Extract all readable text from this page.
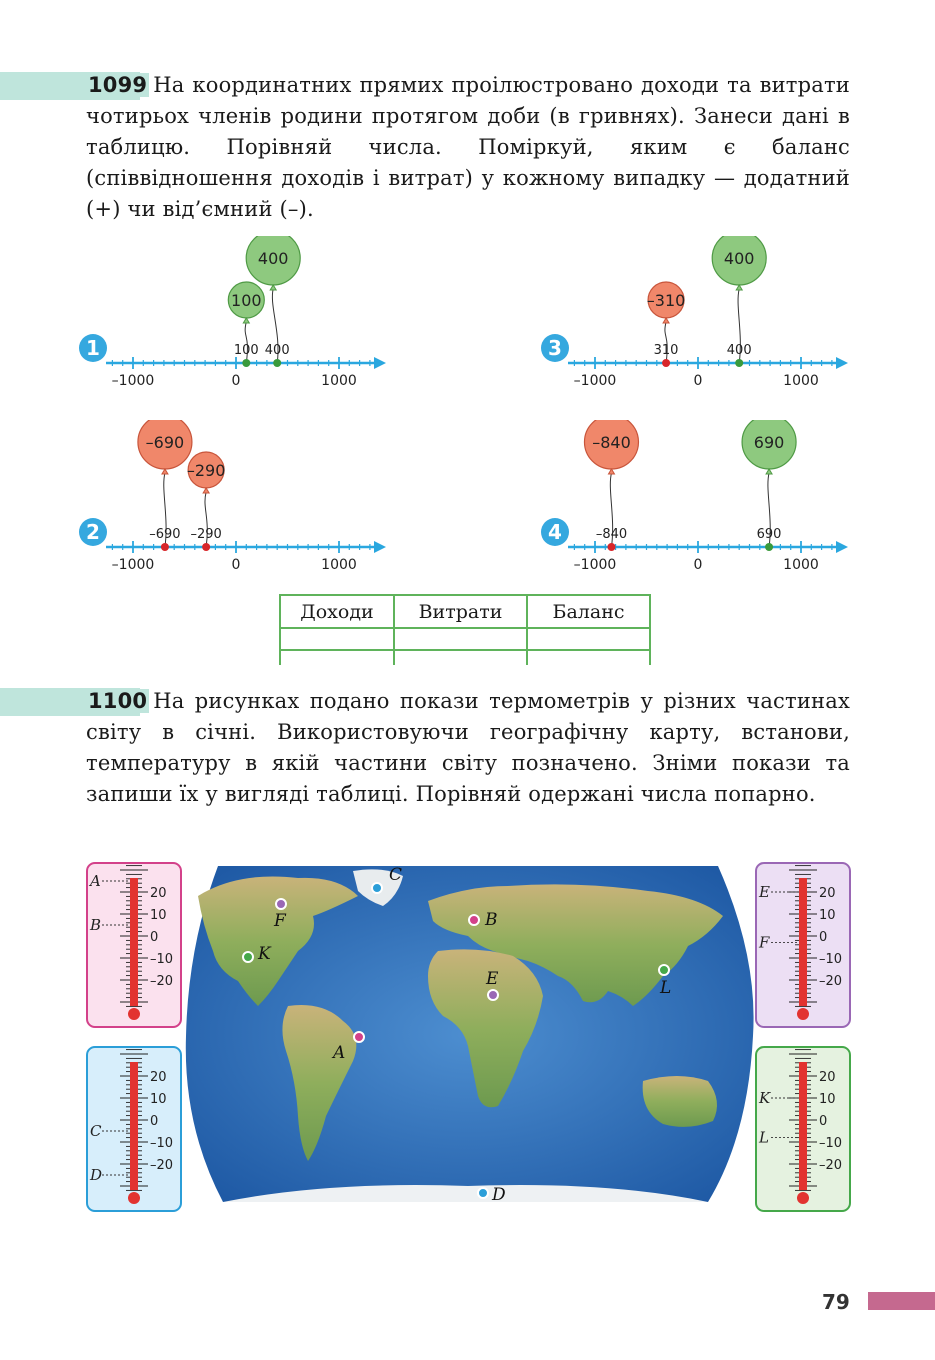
1099 На координатних прямих проілюстровано доходи та витрати чотирьох членів родини протягом доби (в гривнях). Занеси дані в таблицю. Порівняй числа. Поміркуй, яким є баланс (співвідношення доходів і витрат) у кожному випадку — додатний (+) чи від’ємний (–).

1
–1000	0	1000
100
100
400
400
2
–1000	0	1000
–690
–690
–290
–290
3
–1000	0	1000
–310
310
400
400
4
–1000	0	1000
–840
–840
690
690
Доходи	Витрати	Баланс

1100 На рисунках подано покази термометрів у різних частинах світу в січні. Використовуючи географічну карту, встанови, температуру в якій частини світу позначено. Зніми покази та запиши їх у вигляді таблиці. Порівняй одержані числа попарно.

C
F	B
K
E	L
A
D
20
10
0
–10
–20
A
B
20
10
0
–10
–20
C
D
20
10
0
–10
–20
E
F
20
10
0
–10
–20
K
L
79
